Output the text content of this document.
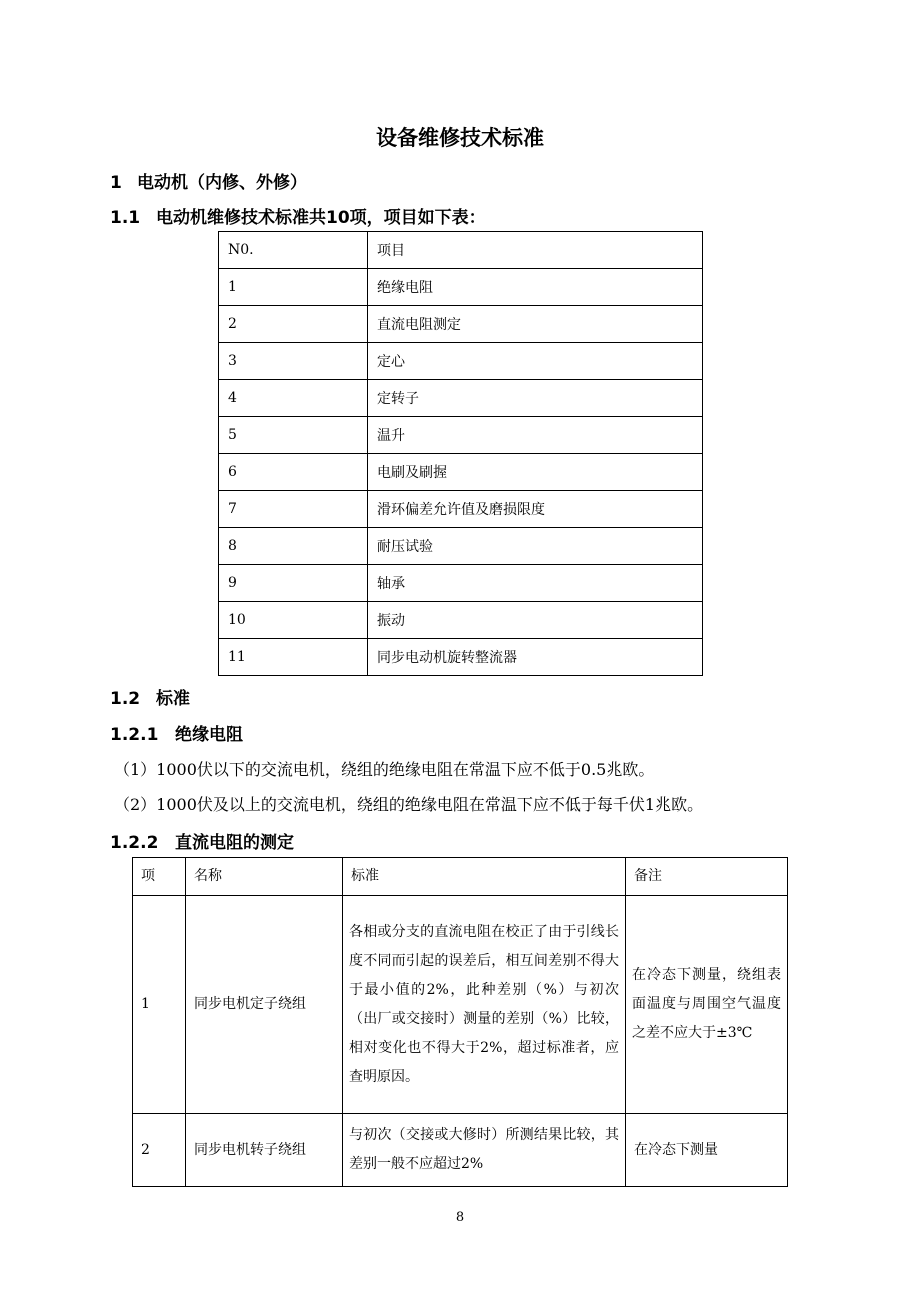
设备维修技术标准
1 电动机（内修、外修）
1.1 电动机维修技术标准共10项，项目如下表：
N0.	项目
1	绝缘电阻
2	直流电阻测定
3	定心
4	定转子
5	温升
6	电刷及刷握
7	滑环偏差允许值及磨损限度
8	耐压试验
9	轴承
10	振动
11	同步电动机旋转整流器
1.2 标准
1.2.1 绝缘电阻
（1）1000伏以下的交流电机，绕组的绝缘电阻在常温下应不低于0.5兆欧。
（2）1000伏及以上的交流电机，绕组的绝缘电阻在常温下应不低于每千伏1兆欧。
1.2.2 直流电阻的测定
项	名称	标准	备注
1	同步电机定子绕组	各相或分支的直流电阻在校正了由于引线长度不同而引起的误差后，相互间差别不得大于最小值的2%，此种差别（%）与初次（出厂或交接时）测量的差别（%）比较，相对变化也不得大于2%，超过标准者，应查明原因。	在冷态下测量，绕组表面温度与周围空气温度之差不应大于±3℃
2	同步电机转子绕组	与初次（交接或大修时）所测结果比较，其差别一般不应超过2%	在冷态下测量
8
